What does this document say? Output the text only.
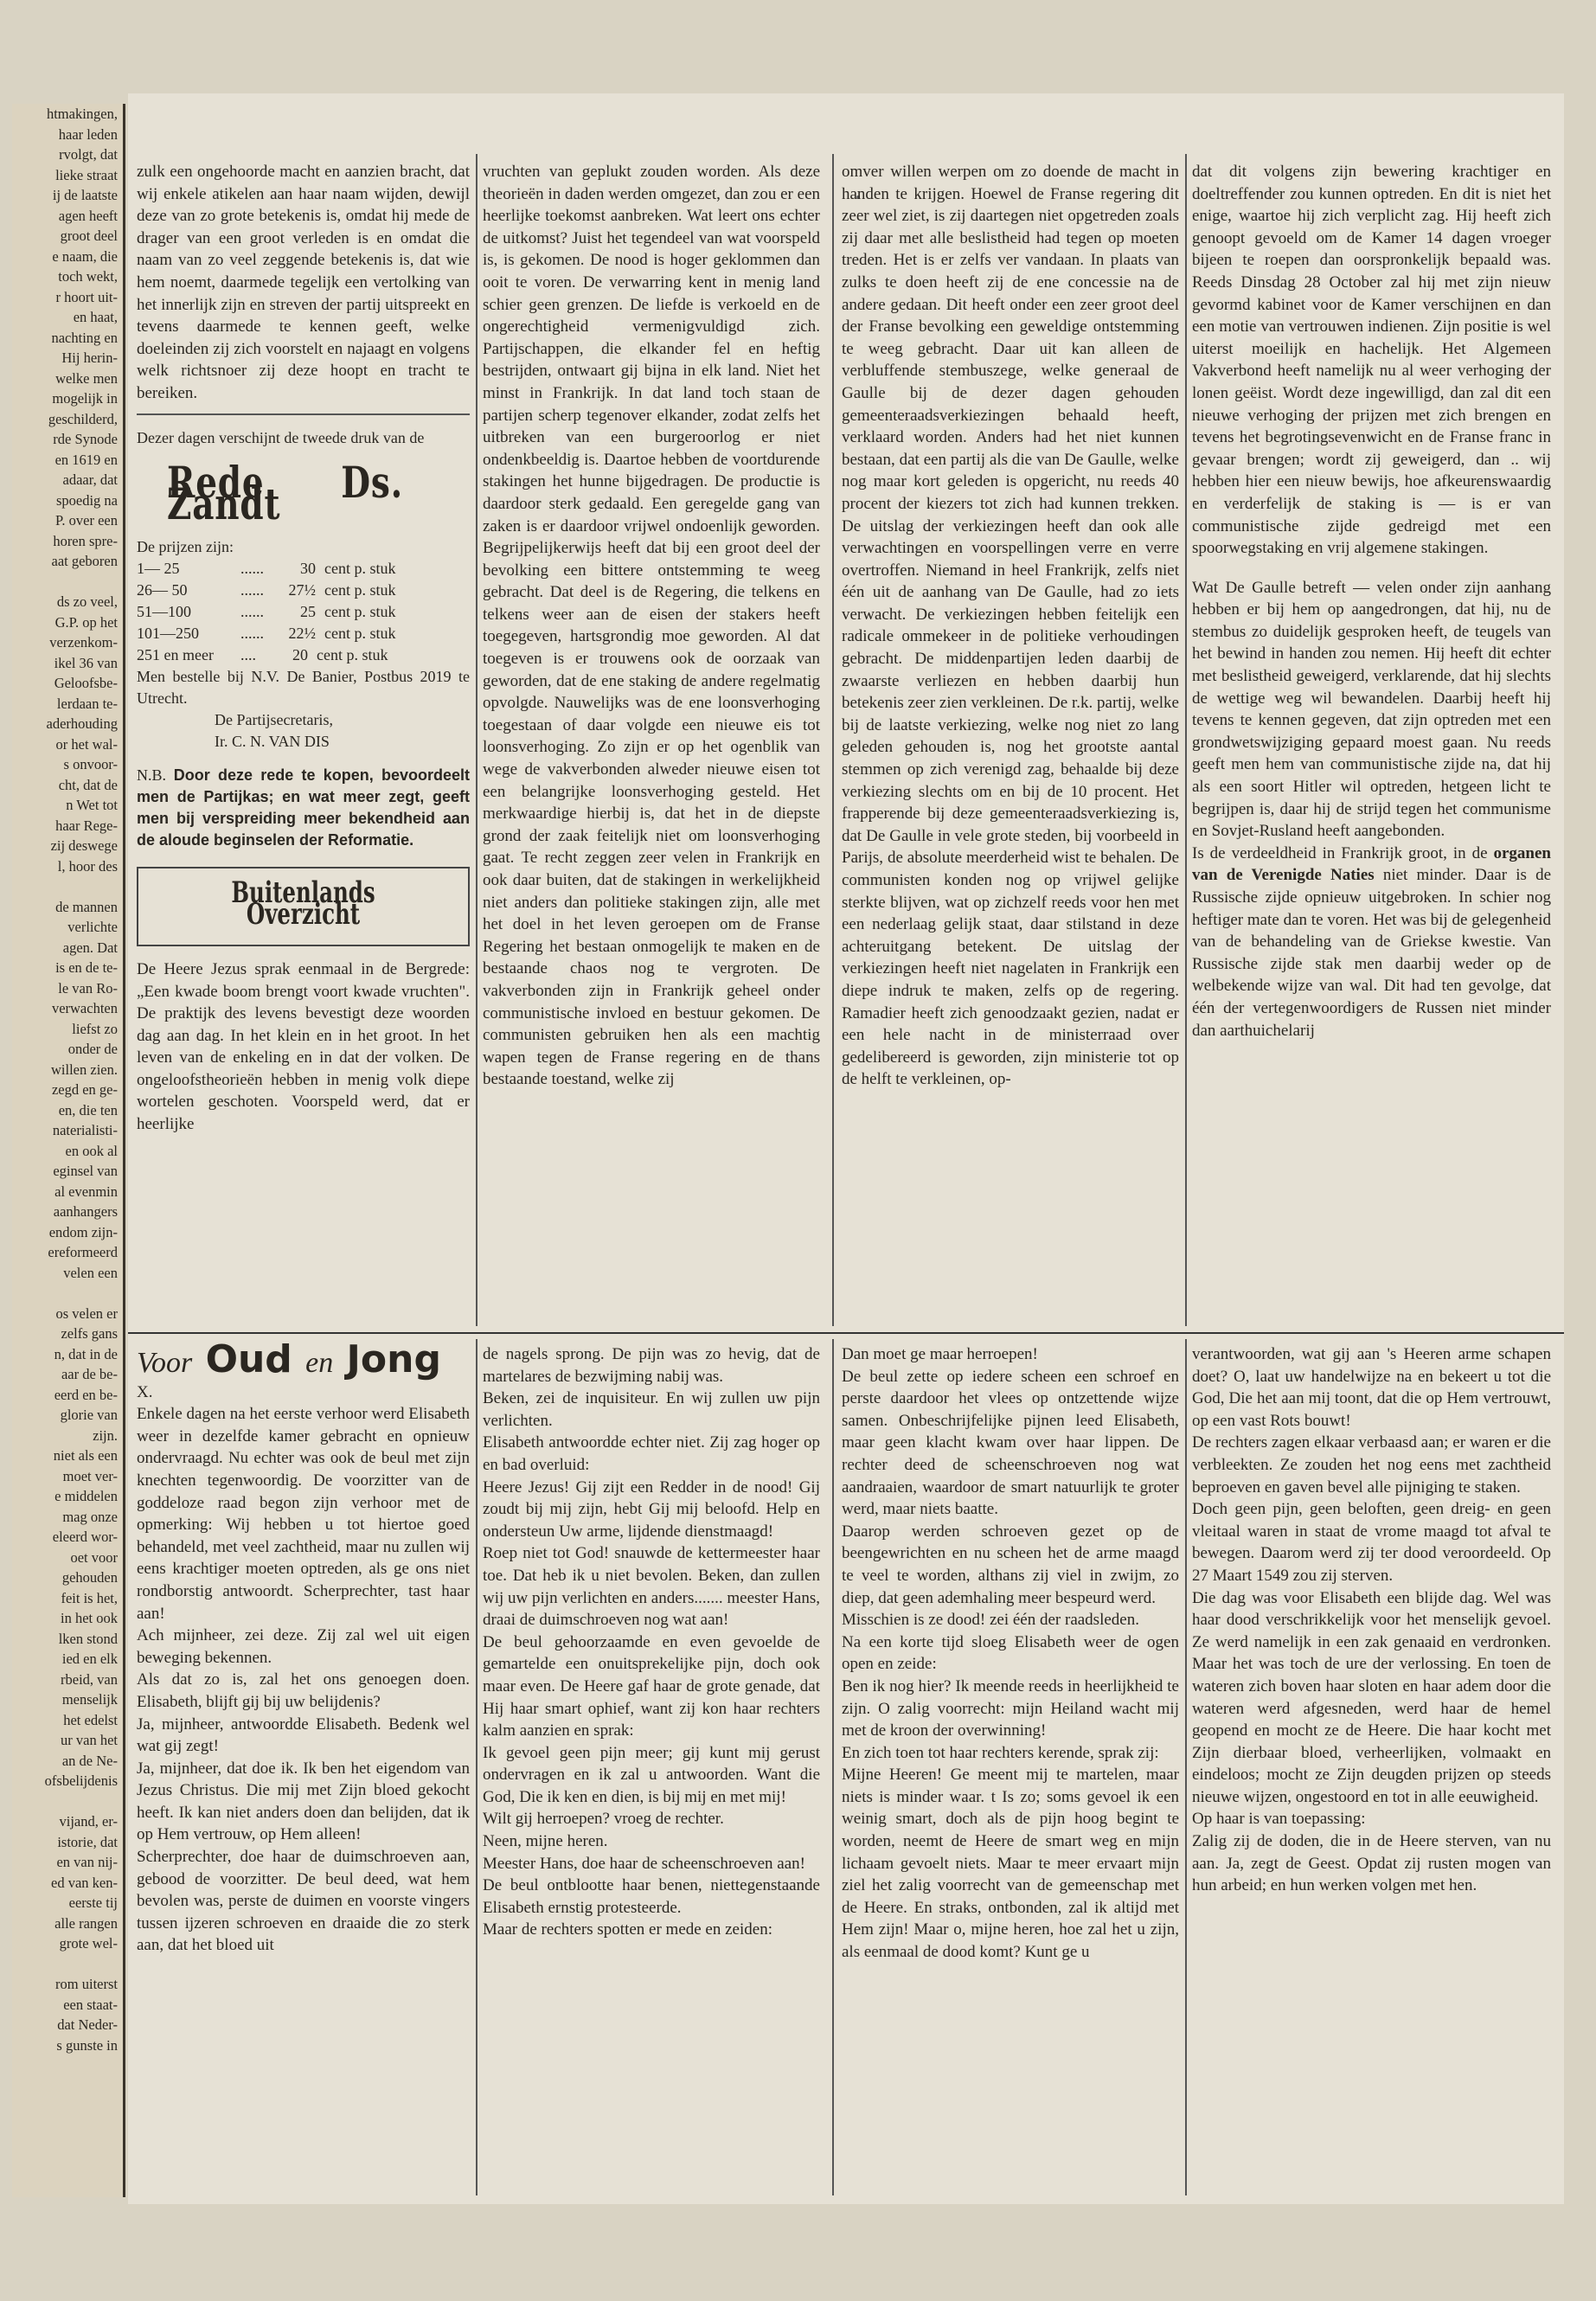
htmakingen,

haar leden

rvolgt, dat

lieke straat

ij de laatste

agen heeft

groot deel

e naam, die

toch wekt,

r hoort uit-

en haat,

nachting en

Hij herin-

welke men

mogelijk in

geschilderd,

rde Synode

en 1619 en

adaar, dat

spoedig na

P. over een

horen spre-

aat geboren

ds zo veel,

G.P. op het

verzenkom-

ikel 36 van

Geloofsbe-

lerdaan te-

aderhouding

or het wal-

s onvoor-

cht, dat de

n Wet tot

haar Rege-

zij deswege

l, hoor des

de mannen

verlichte

agen. Dat

is en de te-

le van Ro-

verwachten

liefst zo

onder de

willen zien.

zegd en ge-

en, die ten

naterialisti-

en ook al

eginsel van

al evenmin

aanhangers

endom zijn-

ereformeerd

velen een

os velen er

zelfs gans

n, dat in de

aar de be-

eerd en be-

glorie van

zijn.

niet als een

moet ver-

e middelen

mag onze

eleerd wor-

oet voor

gehouden

feit is het,

in het ook

lken stond

ied en elk

rbeid, van

menselijk

het edelst

ur van het

an de Ne-

ofsbelijdenis

vijand, er-

istorie, dat

en van nij-

ed van ken-

eerste tij

alle rangen

grote wel-

rom uiterst

een staat-

dat Neder-

s gunste in

zulk een ongehoorde macht en aanzien bracht, dat wij enkele atikelen aan haar naam wijden, dewijl deze van zo grote betekenis is, omdat hij mede de drager van een groot verleden is en omdat die naam van zo veel zeggende betekenis is, dat wie hem noemt, daarmede tegelijk een vertolking van het innerlijk zijn en streven der partij uitspreekt en tevens daarmede te kennen geeft, welke doeleinden zij zich voorstelt en najaagt en volgens welk richtsnoer zij deze hoopt en tracht te bereiken.

Dezer dagen verschijnt de tweede druk van de
Rede Ds. Zandt
De prijzen zijn:
1— 25	......	30 cent p. stuk
26— 50	......	27½ cent p. stuk
51—100	......	25 cent p. stuk
101—250	......	22½ cent p. stuk
251 en meer	....	20 cent p. stuk
Men bestelle bij N.V. De Banier, Postbus 2019 te Utrecht.
De Partijsecretaris,
Ir. C. N. VAN DIS
N.B. Door deze rede te kopen, bevoordeelt men de Partijkas; en wat meer zegt, geeft men bij verspreiding meer bekendheid aan de aloude beginselen der Reformatie.
Buitenlands Overzicht

De Heere Jezus sprak eenmaal in de Bergrede: „Een kwade boom brengt voort kwade vruchten". De praktijk des levens bevestigt deze woorden dag aan dag. In het klein en in het groot. In het leven van de enkeling en in dat der volken. De ongeloofstheorieën hebben in menig volk diepe wortelen geschoten. Voorspeld werd, dat er heerlijke

vruchten van geplukt zouden worden. Als deze theorieën in daden werden omgezet, dan zou er een heerlijke toekomst aanbreken. Wat leert ons echter de uitkomst? Juist het tegendeel van wat voorspeld is, is gekomen. De nood is hoger geklommen dan ooit te voren. De verwarring kent in menig land schier geen grenzen. De liefde is verkoeld en de ongerechtigheid vermenigvuldigd zich. Partijschappen, die elkander fel en heftig bestrijden, ontwaart gij bijna in elk land. Niet het minst in Frankrijk. In dat land toch staan de partijen scherp tegenover elkander, zodat zelfs het uitbreken van een burgeroorlog er niet ondenkbeeldig is. Daartoe hebben de voortdurende stakingen het hunne bijgedragen. De productie is daardoor sterk gedaald. Een geregelde gang van zaken is er daardoor vrijwel ondoenlijk geworden. Begrijpelijkerwijs heeft dat bij een groot deel der bevolking een bittere ontstemming te weeg gebracht. Dat deel is de Regering, die telkens en telkens weer aan de eisen der stakers heeft toegegeven, hartsgrondig moe geworden. Al dat toegeven is er trouwens ook de oorzaak van geworden, dat de ene staking de andere regelmatig opvolgde. Nauwelijks was de ene loonsverhoging toegestaan of daar volgde een nieuwe eis tot loonsverhoging. Zo zijn er op het ogenblik van wege de vakverbonden alweder nieuwe eisen tot een belangrijke loonsverhoging gesteld. Het merkwaardige hierbij is, dat het in de diepste grond der zaak feitelijk niet om loonsverhoging gaat. Te recht zeggen zeer velen in Frankrijk en ook daar buiten, dat de stakingen in werkelijkheid niet anders dan politieke stakingen zijn, alle met het doel in het leven geroepen om de Franse Regering het bestaan onmogelijk te maken en de bestaande chaos nog te vergroten. De vakverbonden zijn in Frankrijk geheel onder communistische invloed en bestuur gekomen. De communisten gebruiken hen als een machtig wapen tegen de Franse regering en de thans bestaande toestand, welke zij

omver willen werpen om zo doende de macht in handen te krijgen. Hoewel de Franse regering dit zeer wel ziet, is zij daartegen niet opgetreden zoals zij daar met alle beslistheid had tegen op moeten treden. Het is er zelfs ver vandaan. In plaats van zulks te doen heeft zij de ene concessie na de andere gedaan. Dit heeft onder een zeer groot deel der Franse bevolking een geweldige ontstemming te weeg gebracht. Daar uit kan alleen de verbluffende stembuszege, welke generaal de Gaulle bij de dezer dagen gehouden gemeenteraadsverkiezingen behaald heeft, verklaard worden. Anders had het niet kunnen bestaan, dat een partij als die van De Gaulle, welke nog maar kort geleden is opgericht, nu reeds 40 procent der kiezers tot zich had kunnen trekken. De uitslag der verkiezingen heeft dan ook alle verwachtingen en voorspellingen verre en verre overtroffen. Niemand in heel Frankrijk, zelfs niet één uit de aanhang van De Gaulle, had zo iets verwacht. De verkiezingen hebben feitelijk een radicale ommekeer in de politieke verhoudingen gebracht. De middenpartijen leden daarbij de zwaarste verliezen en hebben daarbij hun betekenis zeer zien verkleinen. De r.k. partij, welke bij de laatste verkiezing, welke nog niet zo lang geleden gehouden is, nog het grootste aantal stemmen op zich verenigd zag, behaalde bij deze verkiezing slechts om en bij de 10 procent. Het frapperende bij deze gemeenteraadsverkiezing is, dat De Gaulle in vele grote steden, bij voorbeeld in Parijs, de absolute meerderheid wist te behalen. De communisten konden nog op vrijwel gelijke sterkte blijven, wat op zichzelf reeds voor hen met een nederlaag gelijk staat, daar stilstand in deze achteruitgang betekent. De uitslag der verkiezingen heeft niet nagelaten in Frankrijk een diepe indruk te maken, zelfs op de regering. Ramadier heeft zich genoodzaakt gezien, nadat er een hele nacht in de ministerraad over gedelibereerd is geworden, zijn ministerie tot op de helft te verkleinen, op-

dat dit volgens zijn bewering krachtiger en doeltreffender zou kunnen optreden. En dit is niet het enige, waartoe hij zich verplicht zag. Hij heeft zich genoopt gevoeld om de Kamer 14 dagen vroeger bijeen te roepen dan oorspronkelijk bepaald was. Reeds Dinsdag 28 October zal hij met zijn nieuw gevormd kabinet voor de Kamer verschijnen en dan een motie van vertrouwen indienen. Zijn positie is wel uiterst moeilijk en hachelijk. Het Algemeen Vakverbond heeft namelijk nu al weer verhoging der lonen geëist. Wordt deze ingewilligd, dan zal dit een nieuwe verhoging der prijzen met zich brengen en tevens het begrotingsevenwicht en de Franse franc in gevaar brengen; wordt zij geweigerd, dan .. wij hebben hier een nieuw bewijs, hoe afkeurenswaardig en verderfelijk de staking is — is er van communistische zijde gedreigd met een spoorwegstaking en vrij algemene stakingen.

Wat De Gaulle betreft — velen onder zijn aanhang hebben er bij hem op aangedrongen, dat hij, nu de stembus zo duidelijk gesproken heeft, de teugels van het bewind in handen zou nemen. Hij heeft dit echter met beslistheid geweigerd, verklarende, dat hij slechts de wettige weg wil bewandelen. Daarbij heeft hij tevens te kennen gegeven, dat zijn optreden met een grondwetswijziging gepaard moest gaan. Nu reeds geeft men hem van communistische zijde na, dat hij als een soort Hitler wil optreden, hetgeen licht te begrijpen is, daar hij de strijd tegen het communisme en Sovjet-Rusland heeft aangebonden.

Is de verdeeldheid in Frankrijk groot, in de organen van de Verenigde Naties niet minder. Daar is de Russische zijde opnieuw uitgebroken. In schier nog heftiger mate dan te voren. Het was bij de gelegenheid van de behandeling van de Griekse kwestie. Van Russische zijde stak men daarbij weder op de welbekende wijze van wal. Dit had ten gevolge, dat één der vertegenwoordigers de Russen niet minder dan aarthuichelarij

Voor Oud en Jong
X.

Enkele dagen na het eerste verhoor werd Elisabeth weer in dezelfde kamer gebracht en opnieuw ondervraagd. Nu echter was ook de beul met zijn knechten tegenwoordig. De voorzitter van de goddeloze raad begon zijn verhoor met de opmerking: Wij hebben u tot hiertoe goed behandeld, met veel zachtheid, maar nu zullen wij eens krachtiger moeten optreden, als ge ons niet rondborstig antwoordt. Scherprechter, tast haar aan!
Ach mijnheer, zei deze. Zij zal wel uit eigen beweging bekennen.
Als dat zo is, zal het ons genoegen doen. Elisabeth, blijft gij bij uw belijdenis?
Ja, mijnheer, antwoordde Elisabeth. Bedenk wel wat gij zegt!
Ja, mijnheer, dat doe ik. Ik ben het eigendom van Jezus Christus. Die mij met Zijn bloed gekocht heeft. Ik kan niet anders doen dan belijden, dat ik op Hem vertrouw, op Hem alleen!
Scherprechter, doe haar de duimschroeven aan, gebood de voorzitter. De beul deed, wat hem bevolen was, perste de duimen en voorste vingers tussen ijzeren schroeven en draaide die zo sterk aan, dat het bloed uit

de nagels sprong. De pijn was zo hevig, dat de martelares de bezwijming nabij was.
Beken, zei de inquisiteur. En wij zullen uw pijn verlichten.
Elisabeth antwoordde echter niet. Zij zag hoger op en bad overluid:
Heere Jezus! Gij zijt een Redder in de nood! Gij zoudt bij mij zijn, hebt Gij mij beloofd. Help en ondersteun Uw arme, lijdende dienstmaagd!
Roep niet tot God! snauwde de kettermeester haar toe. Dat heb ik u niet bevolen. Beken, dan zullen wij uw pijn verlichten en anders....... meester Hans, draai de duimschroeven nog wat aan!
De beul gehoorzaamde en even gevoelde de gemartelde een onuitsprekelijke pijn, doch ook maar even. De Heere gaf haar de grote genade, dat Hij haar smart ophief, want zij kon haar rechters kalm aanzien en sprak:
Ik gevoel geen pijn meer; gij kunt mij gerust ondervragen en ik zal u antwoorden. Want die God, Die ik ken en dien, is bij mij en met mij!
Wilt gij herroepen? vroeg de rechter.
Neen, mijne heren.
Meester Hans, doe haar de scheenschroeven aan!
De beul ontblootte haar benen, niettegenstaande Elisabeth ernstig protesteerde.
Maar de rechters spotten er mede en zeiden:

Dan moet ge maar herroepen!
De beul zette op iedere scheen een schroef en perste daardoor het vlees op ontzettende wijze samen. Onbeschrijfelijke pijnen leed Elisabeth, maar geen klacht kwam over haar lippen. De rechter deed de scheenschroeven nog wat aandraaien, waardoor de smart natuurlijk te groter werd, maar niets baatte.
Daarop werden schroeven gezet op de beengewrichten en nu scheen het de arme maagd te veel te worden, althans zij viel in zwijm, zo diep, dat geen ademhaling meer bespeurd werd.
Misschien is ze dood! zei één der raadsleden.
Na een korte tijd sloeg Elisabeth weer de ogen open en zeide:
Ben ik nog hier? Ik meende reeds in heerlijkheid te zijn. O zalig voorrecht: mijn Heiland wacht mij met de kroon der overwinning!
En zich toen tot haar rechters kerende, sprak zij:
Mijne Heeren! Ge meent mij te martelen, maar niets is minder waar. t Is zo; soms gevoel ik een weinig smart, doch als de pijn hoog begint te worden, neemt de Heere de smart weg en mijn lichaam gevoelt niets. Maar te meer ervaart mijn ziel het zalig voorrecht van de gemeenschap met de Heere. En straks, ontbonden, zal ik altijd met Hem zijn! Maar o, mijne heren, hoe zal het u zijn, als eenmaal de dood komt? Kunt ge u

verantwoorden, wat gij aan 's Heeren arme schapen doet? O, laat uw handelwijze na en bekeert u tot die God, Die het aan mij toont, dat die op Hem vertrouwt, op een vast Rots bouwt!
De rechters zagen elkaar verbaasd aan; er waren er die verbleekten. Ze zouden het nog eens met zachtheid beproeven en gaven bevel alle pijniging te staken.
Doch geen pijn, geen beloften, geen dreig- en geen vleitaal waren in staat de vrome maagd tot afval te bewegen. Daarom werd zij ter dood veroordeeld. Op 27 Maart 1549 zou zij sterven.
Die dag was voor Elisabeth een blijde dag. Wel was haar dood verschrikkelijk voor het menselijk gevoel. Ze werd namelijk in een zak genaaid en verdronken. Maar het was toch de ure der verlossing. En toen de wateren zich boven haar sloten en haar adem door die wateren werd afgesneden, werd haar de hemel geopend en mocht ze de Heere. Die haar kocht met Zijn dierbaar bloed, verheerlijken, volmaakt en eindeloos; mocht ze Zijn deugden prijzen op steeds nieuwe wijzen, ongestoord en tot in alle eeuwigheid.
Op haar is van toepassing:
Zalig zij de doden, die in de Heere sterven, van nu aan. Ja, zegt de Geest. Opdat zij rusten mogen van hun arbeid; en hun werken volgen met hen.
